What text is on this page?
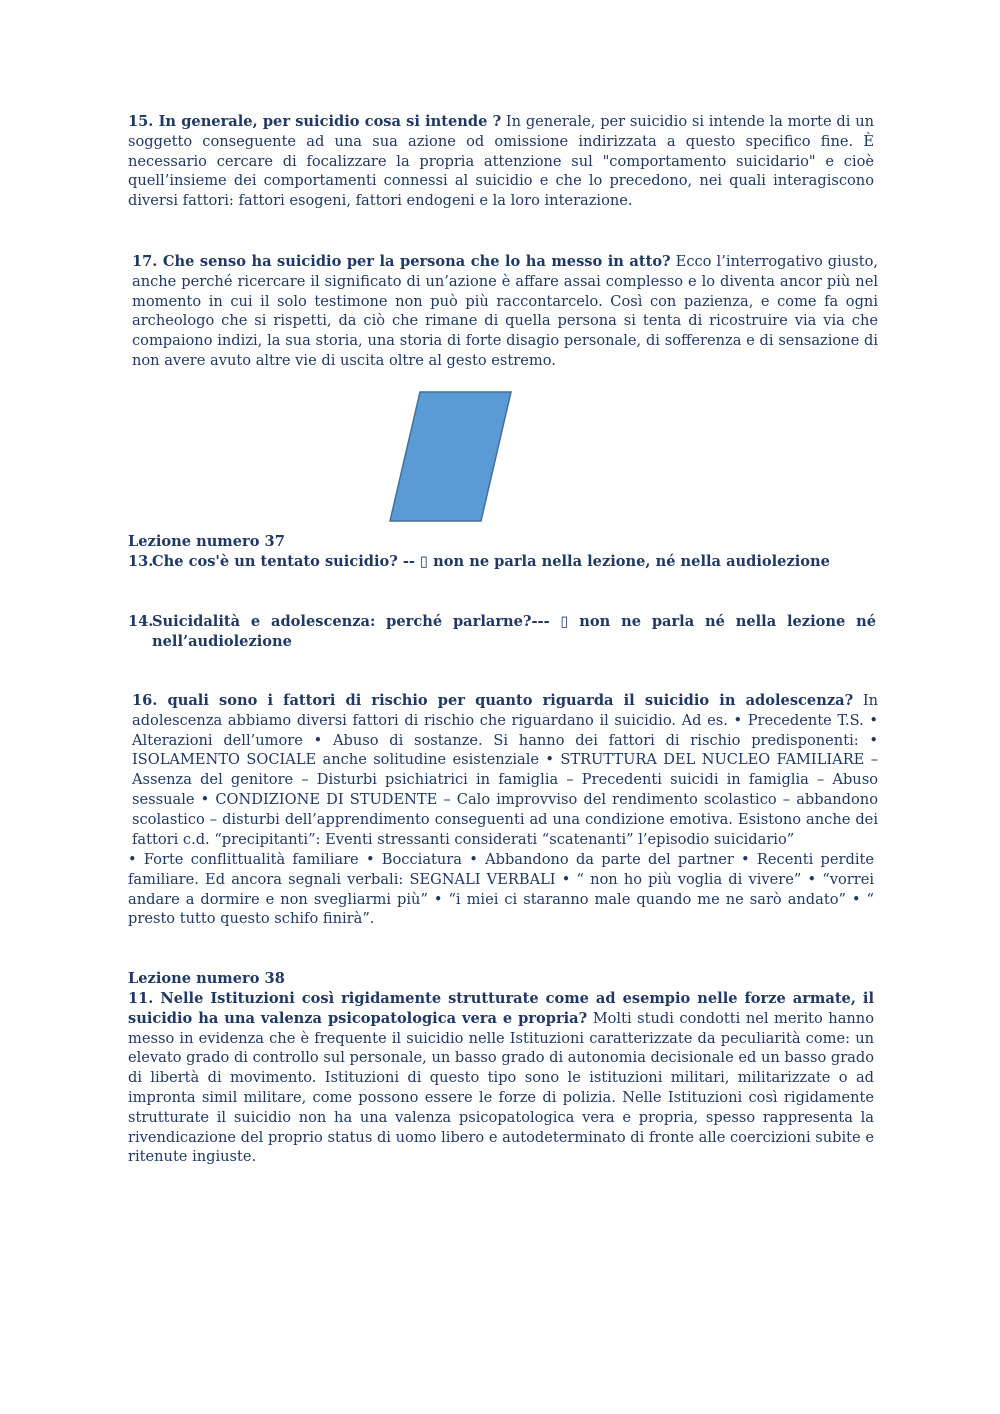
15. In generale, per suicidio cosa si intende ? In generale, per suicidio si intende la morte di un soggetto conseguente ad una sua azione od omissione indirizzata a questo specifico fine. È necessario cercare di focalizzare la propria attenzione sul "comportamento suicidario" e cioè quell’insieme dei comportamenti connessi al suicidio e che lo precedono, nei quali interagiscono diversi fattori: fattori esogeni, fattori endogeni e la loro interazione.
17. Che senso ha suicidio per la persona che lo ha messo in atto? Ecco l’interrogativo giusto, anche perché ricercare il significato di un’azione è affare assai complesso e lo diventa ancor più nel momento in cui il solo testimone non può più raccontarcelo. Così con pazienza, e come fa ogni archeologo che si rispetti, da ciò che rimane di quella persona si tenta di ricostruire via via che compaiono indizi, la sua storia, una storia di forte disagio personale, di sofferenza e di sensazione di non avere avuto altre vie di uscita oltre al gesto estremo.
Lezione numero 37
13.
Che cos'è un tentato suicidio? -- ▯ non ne parla nella lezione, né nella audiolezione
14.
Suicidalità e adolescenza: perché parlarne?--- ▯ non ne parla né nella lezione né nell’audiolezione
16. quali sono i fattori di rischio per quanto riguarda il suicidio in adolescenza? In adolescenza abbiamo diversi fattori di rischio che riguardano il suicidio. Ad es. • Precedente T.S. • Alterazioni dell’umore • Abuso di sostanze. Si hanno dei fattori di rischio predisponenti: • ISOLAMENTO SOCIALE anche solitudine esistenziale • STRUTTURA DEL NUCLEO FAMILIARE – Assenza del genitore – Disturbi psichiatrici in famiglia – Precedenti suicidi in famiglia – Abuso sessuale • CONDIZIONE DI STUDENTE – Calo improvviso del rendimento scolastico – abbandono scolastico – disturbi dell’apprendimento conseguenti ad una condizione emotiva. Esistono anche dei fattori c.d. “precipitanti”: Eventi stressanti considerati “scatenanti” l’episodio suicidario”
• Forte conflittualità familiare • Bocciatura • Abbandono da parte del partner • Recenti perdite familiare. Ed ancora segnali verbali: SEGNALI VERBALI • “ non ho più voglia di vivere” • “vorrei andare a dormire e non svegliarmi più” • “i miei ci staranno male quando me ne sarò andato” • “ presto tutto questo schifo finirà”.
Lezione numero 38
11. Nelle Istituzioni così rigidamente strutturate come ad esempio nelle forze armate, il suicidio ha una valenza psicopatologica vera e propria? Molti studi condotti nel merito hanno messo in evidenza che è frequente il suicidio nelle Istituzioni caratterizzate da peculiarità come: un elevato grado di controllo sul personale, un basso grado di autonomia decisionale ed un basso grado di libertà di movimento. Istituzioni di questo tipo sono le istituzioni militari, militarizzate o ad impronta simil militare, come possono essere le forze di polizia. Nelle Istituzioni così rigidamente strutturate il suicidio non ha una valenza psicopatologica vera e propria, spesso rappresenta la rivendicazione del proprio status di uomo libero e autodeterminato di fronte alle coercizioni subite e ritenute ingiuste.
